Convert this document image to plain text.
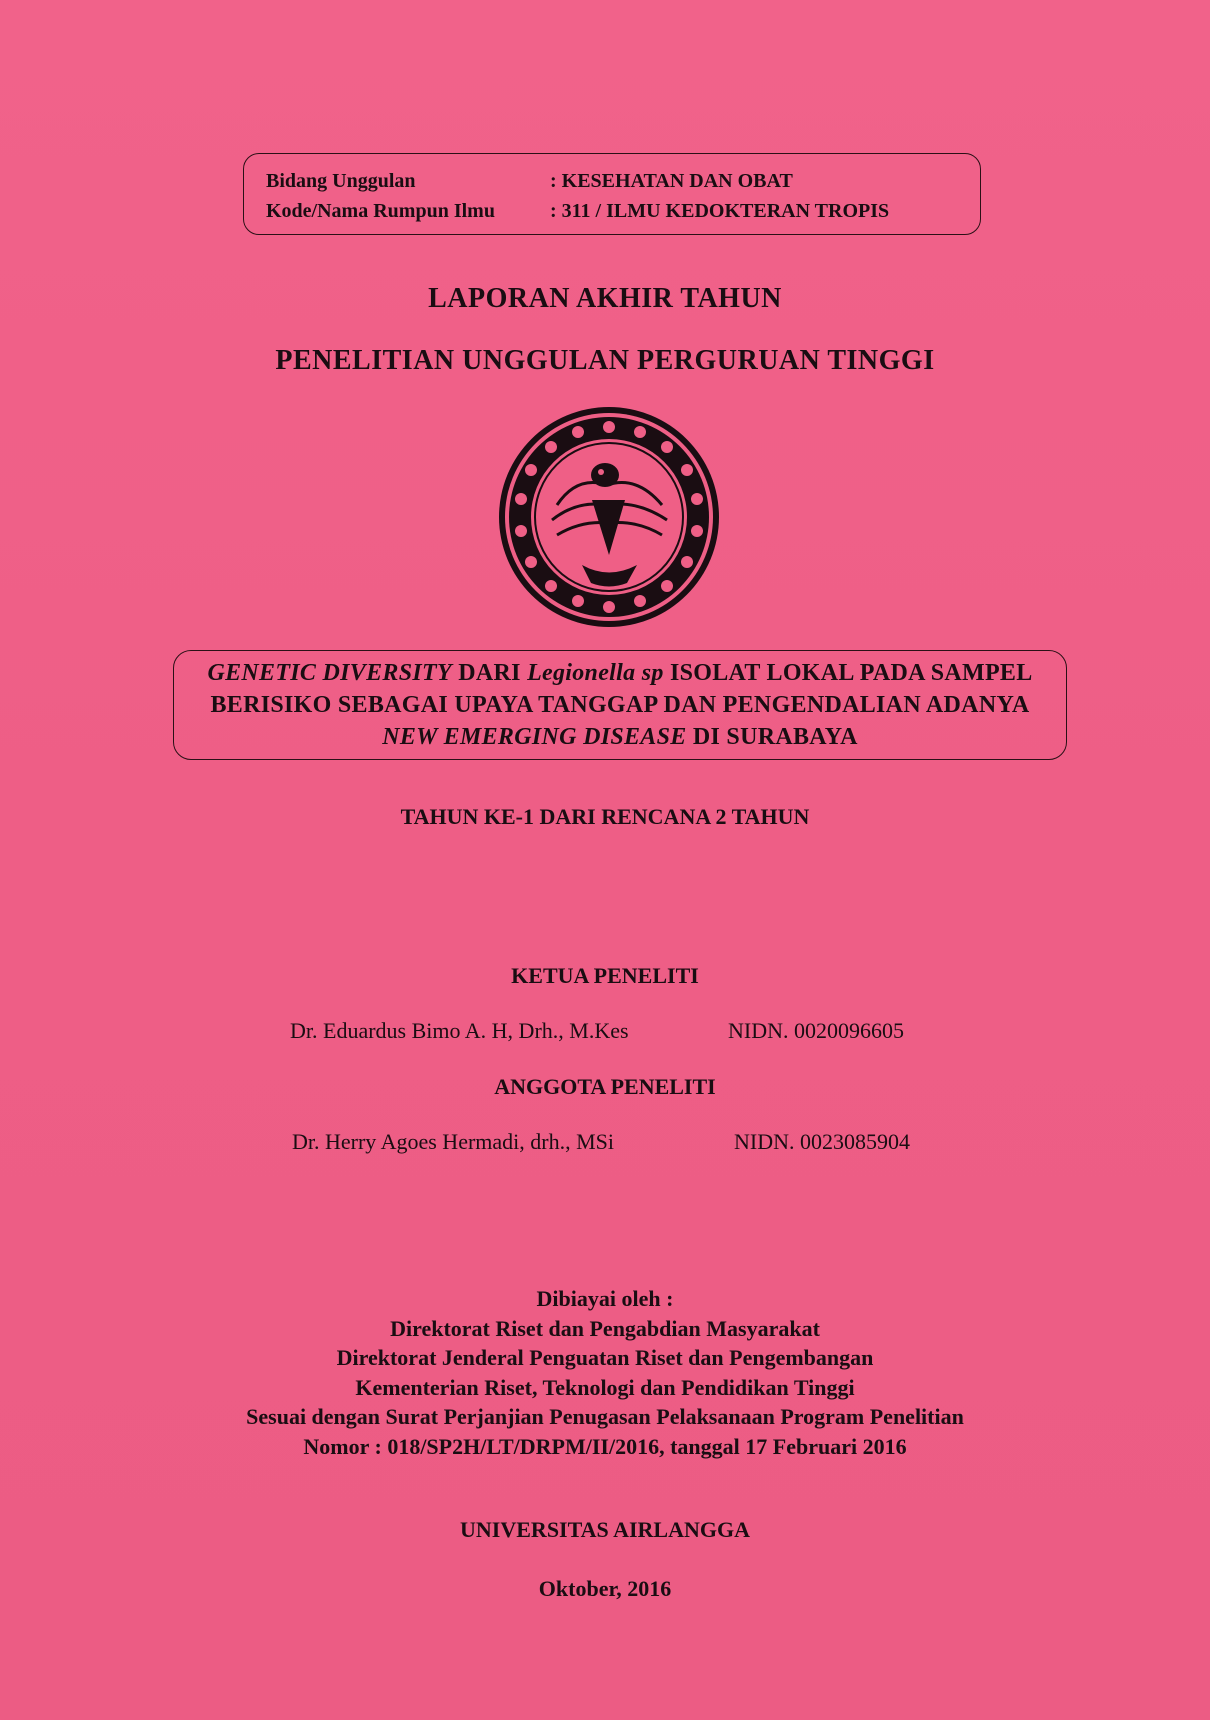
Bidang Unggulan	: KESEHATAN DAN OBAT
Kode/Nama Rumpun Ilmu	: 311 / ILMU KEDOKTERAN TROPIS
LAPORAN AKHIR TAHUN
PENELITIAN UNGGULAN PERGURUAN TINGGI
GENETIC DIVERSITY DARI Legionella sp ISOLAT LOKAL PADA SAMPEL
BERISIKO SEBAGAI UPAYA TANGGAP DAN PENGENDALIAN ADANYA
NEW EMERGING DISEASE DI SURABAYA
TAHUN KE-1 DARI RENCANA 2 TAHUN
KETUA PENELITI
Dr. Eduardus Bimo A. H, Drh., M.Kes	NIDN. 0020096605
ANGGOTA PENELITI
Dr. Herry Agoes Hermadi, drh., MSi	NIDN. 0023085904
Dibiayai oleh :
Direktorat Riset dan Pengabdian Masyarakat
Direktorat Jenderal Penguatan Riset dan Pengembangan
Kementerian Riset, Teknologi dan Pendidikan Tinggi
Sesuai dengan Surat Perjanjian Penugasan Pelaksanaan Program Penelitian
Nomor : 018/SP2H/LT/DRPM/II/2016, tanggal 17 Februari 2016
UNIVERSITAS AIRLANGGA
Oktober, 2016
